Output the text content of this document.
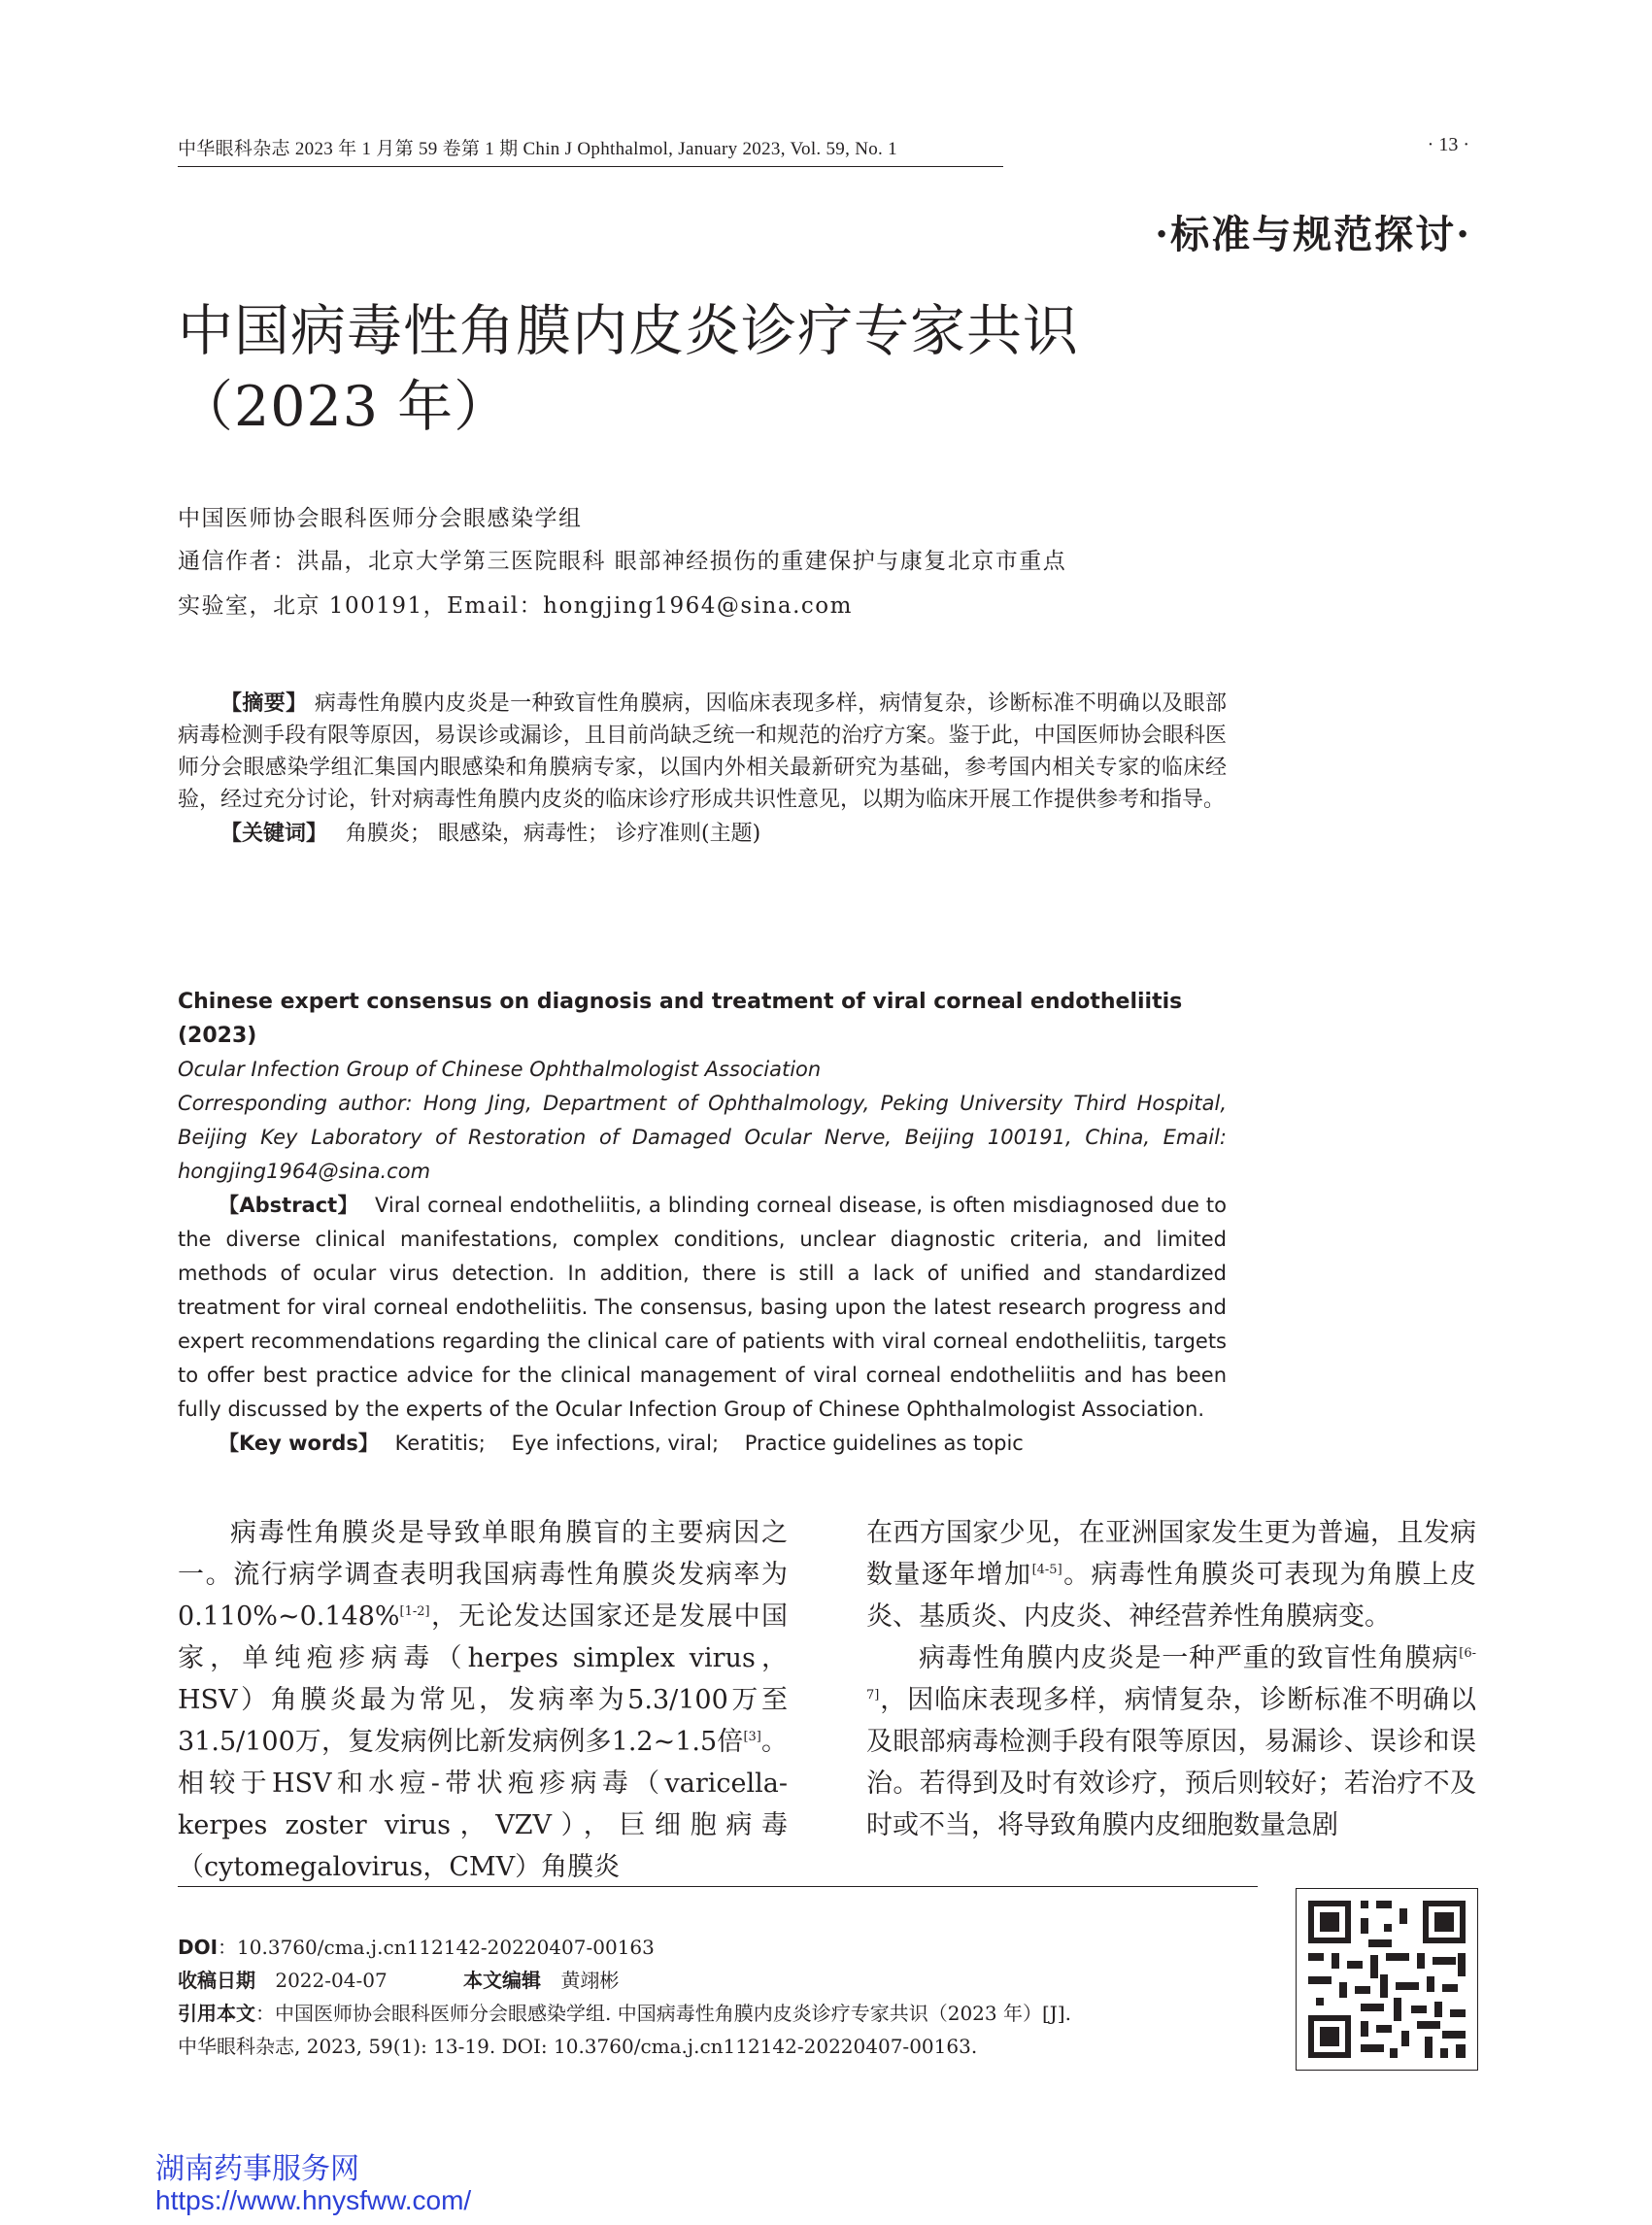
中华眼科杂志 2023 年 1 月第 59 卷第 1 期 Chin J Ophthalmol, January 2023, Vol. 59, No. 1	· 13 ·
·标准与规范探讨·
中国病毒性角膜内皮炎诊疗专家共识
（2023 年）
中国医师协会眼科医师分会眼感染学组
通信作者：洪晶，北京大学第三医院眼科 眼部神经损伤的重建保护与康复北京市重点
实验室，北京 100191，Email：hongjing1964@sina.com
【摘要】 病毒性角膜内皮炎是一种致盲性角膜病，因临床表现多样，病情复杂，诊断标准不明确以及眼部病毒检测手段有限等原因，易误诊或漏诊，且目前尚缺乏统一和规范的治疗方案。鉴于此，中国医师协会眼科医师分会眼感染学组汇集国内眼感染和角膜病专家，以国内外相关最新研究为基础，参考国内相关专家的临床经验，经过充分讨论，针对病毒性角膜内皮炎的临床诊疗形成共识性意见，以期为临床开展工作提供参考和指导。
【关键词】 角膜炎； 眼感染，病毒性； 诊疗准则(主题)
Chinese expert consensus on diagnosis and treatment of viral corneal endotheliitis (2023)
Ocular Infection Group of Chinese Ophthalmologist Association
Corresponding author: Hong Jing, Department of Ophthalmology, Peking University Third Hospital, Beijing Key Laboratory of Restoration of Damaged Ocular Nerve, Beijing 100191, China, Email: hongjing1964@sina.com
【Abstract】 Viral corneal endotheliitis, a blinding corneal disease, is often misdiagnosed due to the diverse clinical manifestations, complex conditions, unclear diagnostic criteria, and limited methods of ocular virus detection. In addition, there is still a lack of unified and standardized treatment for viral corneal endotheliitis. The consensus, basing upon the latest research progress and expert recommendations regarding the clinical care of patients with viral corneal endotheliitis, targets to offer best practice advice for the clinical management of viral corneal endotheliitis and has been fully discussed by the experts of the Ocular Infection Group of Chinese Ophthalmologist Association.
【Key words】 Keratitis;    Eye infections, viral;    Practice guidelines as topic
病毒性角膜炎是导致单眼角膜盲的主要病因之一。流行病学调查表明我国病毒性角膜炎发病率为0.110%~0.148%[1-2]，无论发达国家还是发展中国家，单纯疱疹病毒（herpes simplex virus，HSV）角膜炎最为常见，发病率为5.3/100万至31.5/100万，复发病例比新发病例多1.2~1.5倍[3]。相较于HSV和水痘-带状疱疹病毒（varicella-kerpes zoster virus，VZV），巨细胞病毒（cytomegalovirus，CMV）角膜炎
在西方国家少见，在亚洲国家发生更为普遍，且发病数量逐年增加[4-5]。病毒性角膜炎可表现为角膜上皮炎、基质炎、内皮炎、神经营养性角膜病变。
病毒性角膜内皮炎是一种严重的致盲性角膜病[6-7]，因临床表现多样，病情复杂，诊断标准不明确以及眼部病毒检测手段有限等原因，易漏诊、误诊和误治。若得到及时有效诊疗，预后则较好；若治疗不及时或不当，将导致角膜内皮细胞数量急剧
DOI：10.3760/cma.j.cn112142-20220407-00163
收稿日期 2022-04-07	本文编辑 黄翊彬
引用本文：中国医师协会眼科医师分会眼感染学组. 中国病毒性角膜内皮炎诊疗专家共识（2023 年）[J].
中华眼科杂志, 2023, 59(1): 13-19. DOI: 10.3760/cma.j.cn112142-20220407-00163.
湖南药事服务网
https://www.hnysfww.com/
